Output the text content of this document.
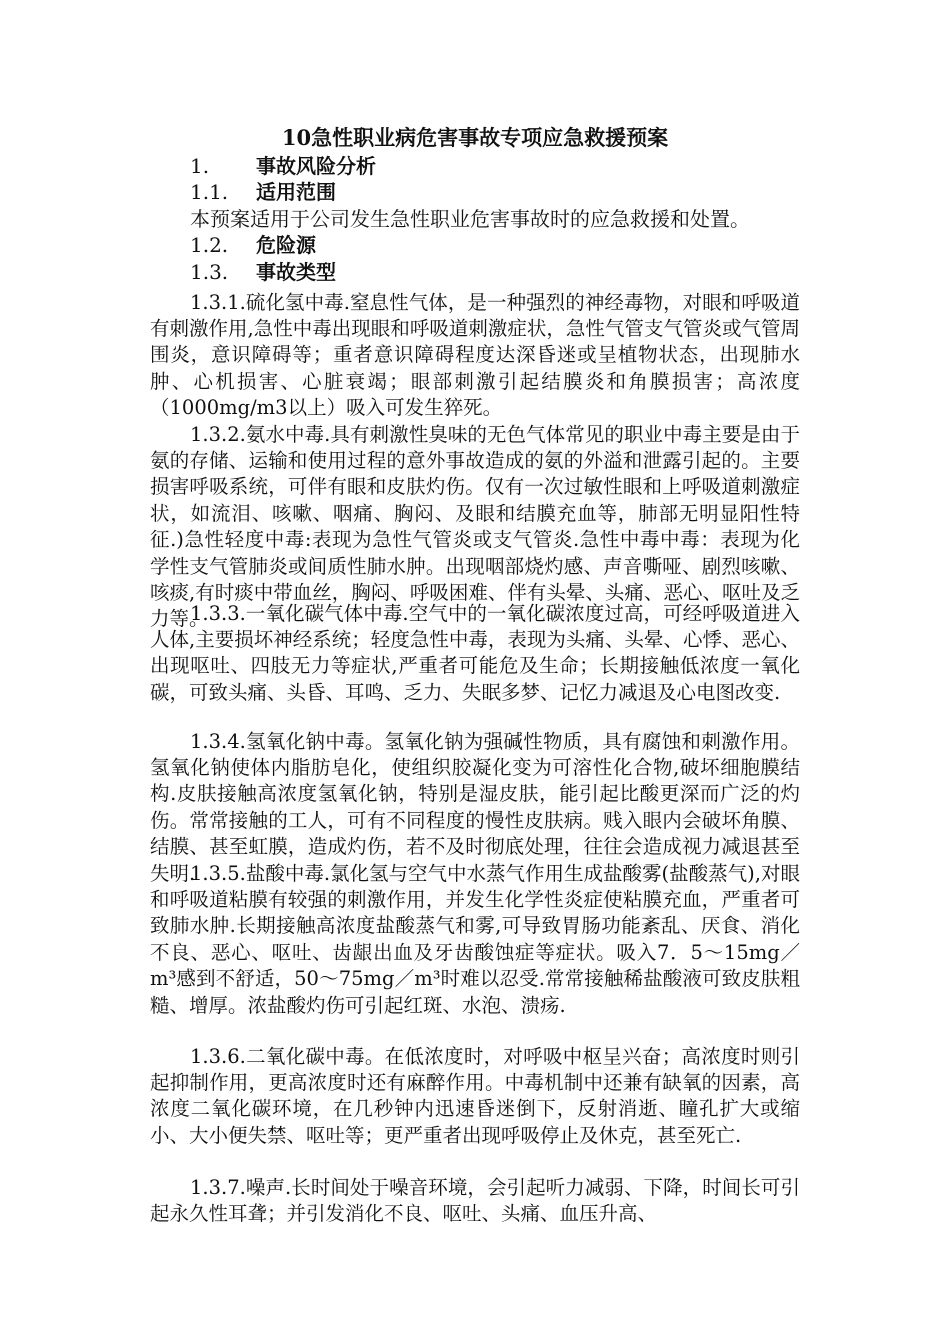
10急性职业病危害事故专项应急救援预案
1. 事故风险分析
1.1. 适用范围
本预案适用于公司发生急性职业危害事故时的应急救援和处置。
1.2. 危险源
1.3. 事故类型

1.3.1.硫化氢中毒.窒息性气体，是一种强烈的神经毒物，对眼和呼吸道有刺激作用,急性中毒出现眼和呼吸道刺激症状，急性气管支气管炎或气管周围炎，意识障碍等；重者意识障碍程度达深昏迷或呈植物状态，出现肺水肿、心机损害、心脏衰竭；眼部刺激引起结膜炎和角膜损害；高浓度（1000mg/m3以上）吸入可发生猝死。

1.3.2.氨水中毒.具有刺激性臭味的无色气体常见的职业中毒主要是由于氨的存储、运输和使用过程的意外事故造成的氨的外溢和泄露引起的。主要损害呼吸系统，可伴有眼和皮肤灼伤。仅有一次过敏性眼和上呼吸道刺激症状，如流泪、咳嗽、咽痛、胸闷、及眼和结膜充血等，肺部无明显阳性特征.)急性轻度中毒:表现为急性气管炎或支气管炎.急性中毒中毒：表现为化学性支气管肺炎或间质性肺水肿。出现咽部烧灼感、声音嘶哑、剧烈咳嗽、咳痰,有时痰中带血丝，胸闷、呼吸困难、伴有头晕、头痛、恶心、呕吐及乏力等。

1.3.3.一氧化碳气体中毒.空气中的一氧化碳浓度过高，可经呼吸道进入人体,主要损坏神经系统；轻度急性中毒，表现为头痛、头晕、心悸、恶心、出现呕吐、四肢无力等症状,严重者可能危及生命；长期接触低浓度一氧化碳，可致头痛、头昏、耳鸣、乏力、失眠多梦、记忆力减退及心电图改变.

1.3.4.氢氧化钠中毒。氢氧化钠为强碱性物质，具有腐蚀和刺激作用。氢氧化钠使体内脂肪皂化，使组织胶凝化变为可溶性化合物,破坏细胞膜结构.皮肤接触高浓度氢氧化钠，特别是湿皮肤，能引起比酸更深而广泛的灼伤。常常接触的工人，可有不同程度的慢性皮肤病。贱入眼内会破坏角膜、结膜、甚至虹膜，造成灼伤，若不及时彻底处理，往往会造成视力减退甚至失明.

1.3.5.盐酸中毒.氯化氢与空气中水蒸气作用生成盐酸雾(盐酸蒸气),对眼和呼吸道粘膜有较强的刺激作用，并发生化学性炎症使粘膜充血，严重者可致肺水肿.长期接触高浓度盐酸蒸气和雾,可导致胃肠功能紊乱、厌食、消化不良、恶心、呕吐、齿龈出血及牙齿酸蚀症等症状。吸入7．5～15mg／m³感到不舒适，50～75mg／m³时难以忍受.常常接触稀盐酸液可致皮肤粗糙、增厚。浓盐酸灼伤可引起红斑、水泡、溃疡.

1.3.6.二氧化碳中毒。在低浓度时，对呼吸中枢呈兴奋；高浓度时则引起抑制作用，更高浓度时还有麻醉作用。中毒机制中还兼有缺氧的因素，高浓度二氧化碳环境，在几秒钟内迅速昏迷倒下，反射消逝、瞳孔扩大或缩小、大小便失禁、呕吐等；更严重者出现呼吸停止及休克，甚至死亡.

1.3.7.噪声.长时间处于噪音环境，会引起听力减弱、下降，时间长可引起永久性耳聋；并引发消化不良、呕吐、头痛、血压升高、
